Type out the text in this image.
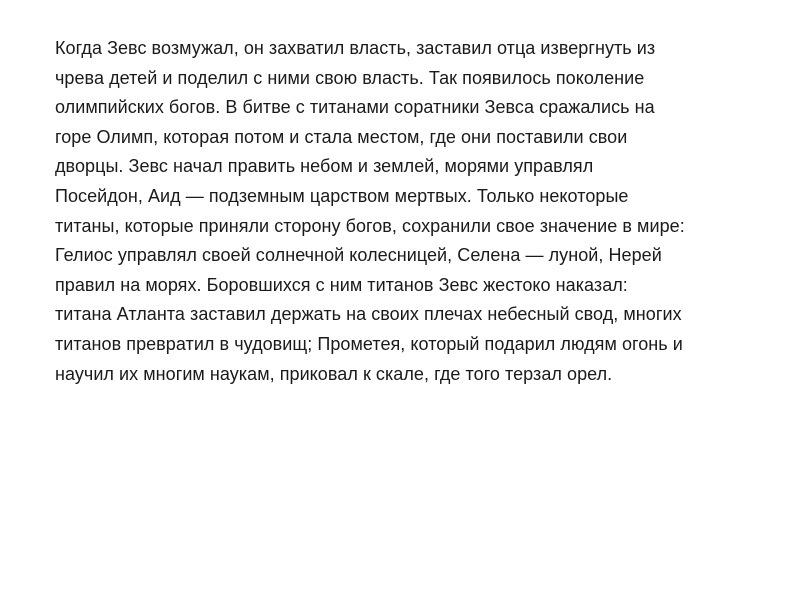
Когда Зевс возмужал, он захватил власть, заставил отца извергнуть из
чрева детей и поделил с ними свою власть. Так появилось поколение
олимпийских богов. В битве с титанами соратники Зевса сражались на
горе Олимп, которая потом и стала местом, где они поставили свои
дворцы. Зевс начал править небом и землей, морями управлял
Посейдон, Аид — подземным царством мертвых. Только некоторые
титаны, которые приняли сторону богов, сохранили свое значение в мире:
Гелиос управлял своей солнечной колесницей, Селена — луной, Нерей
правил на морях. Боровшихся с ним титанов Зевс жестоко наказал:
титана Атланта заставил держать на своих плечах небесный свод, многих
титанов превратил в чудовищ; Прометея, который подарил людям огонь и
научил их многим наукам, приковал к скале, где того терзал орел.
